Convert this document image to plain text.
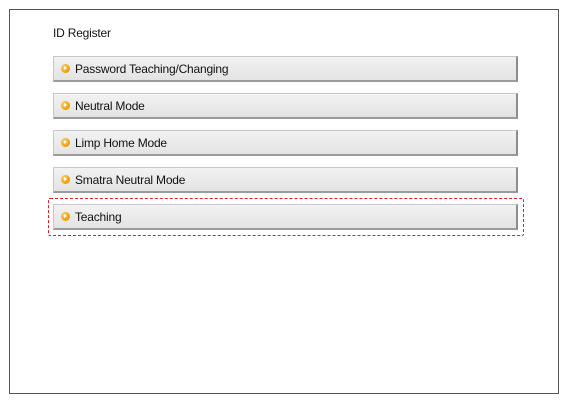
ID Register
Password Teaching/Changing
Neutral Mode
Limp Home Mode
Smatra Neutral Mode
Teaching
